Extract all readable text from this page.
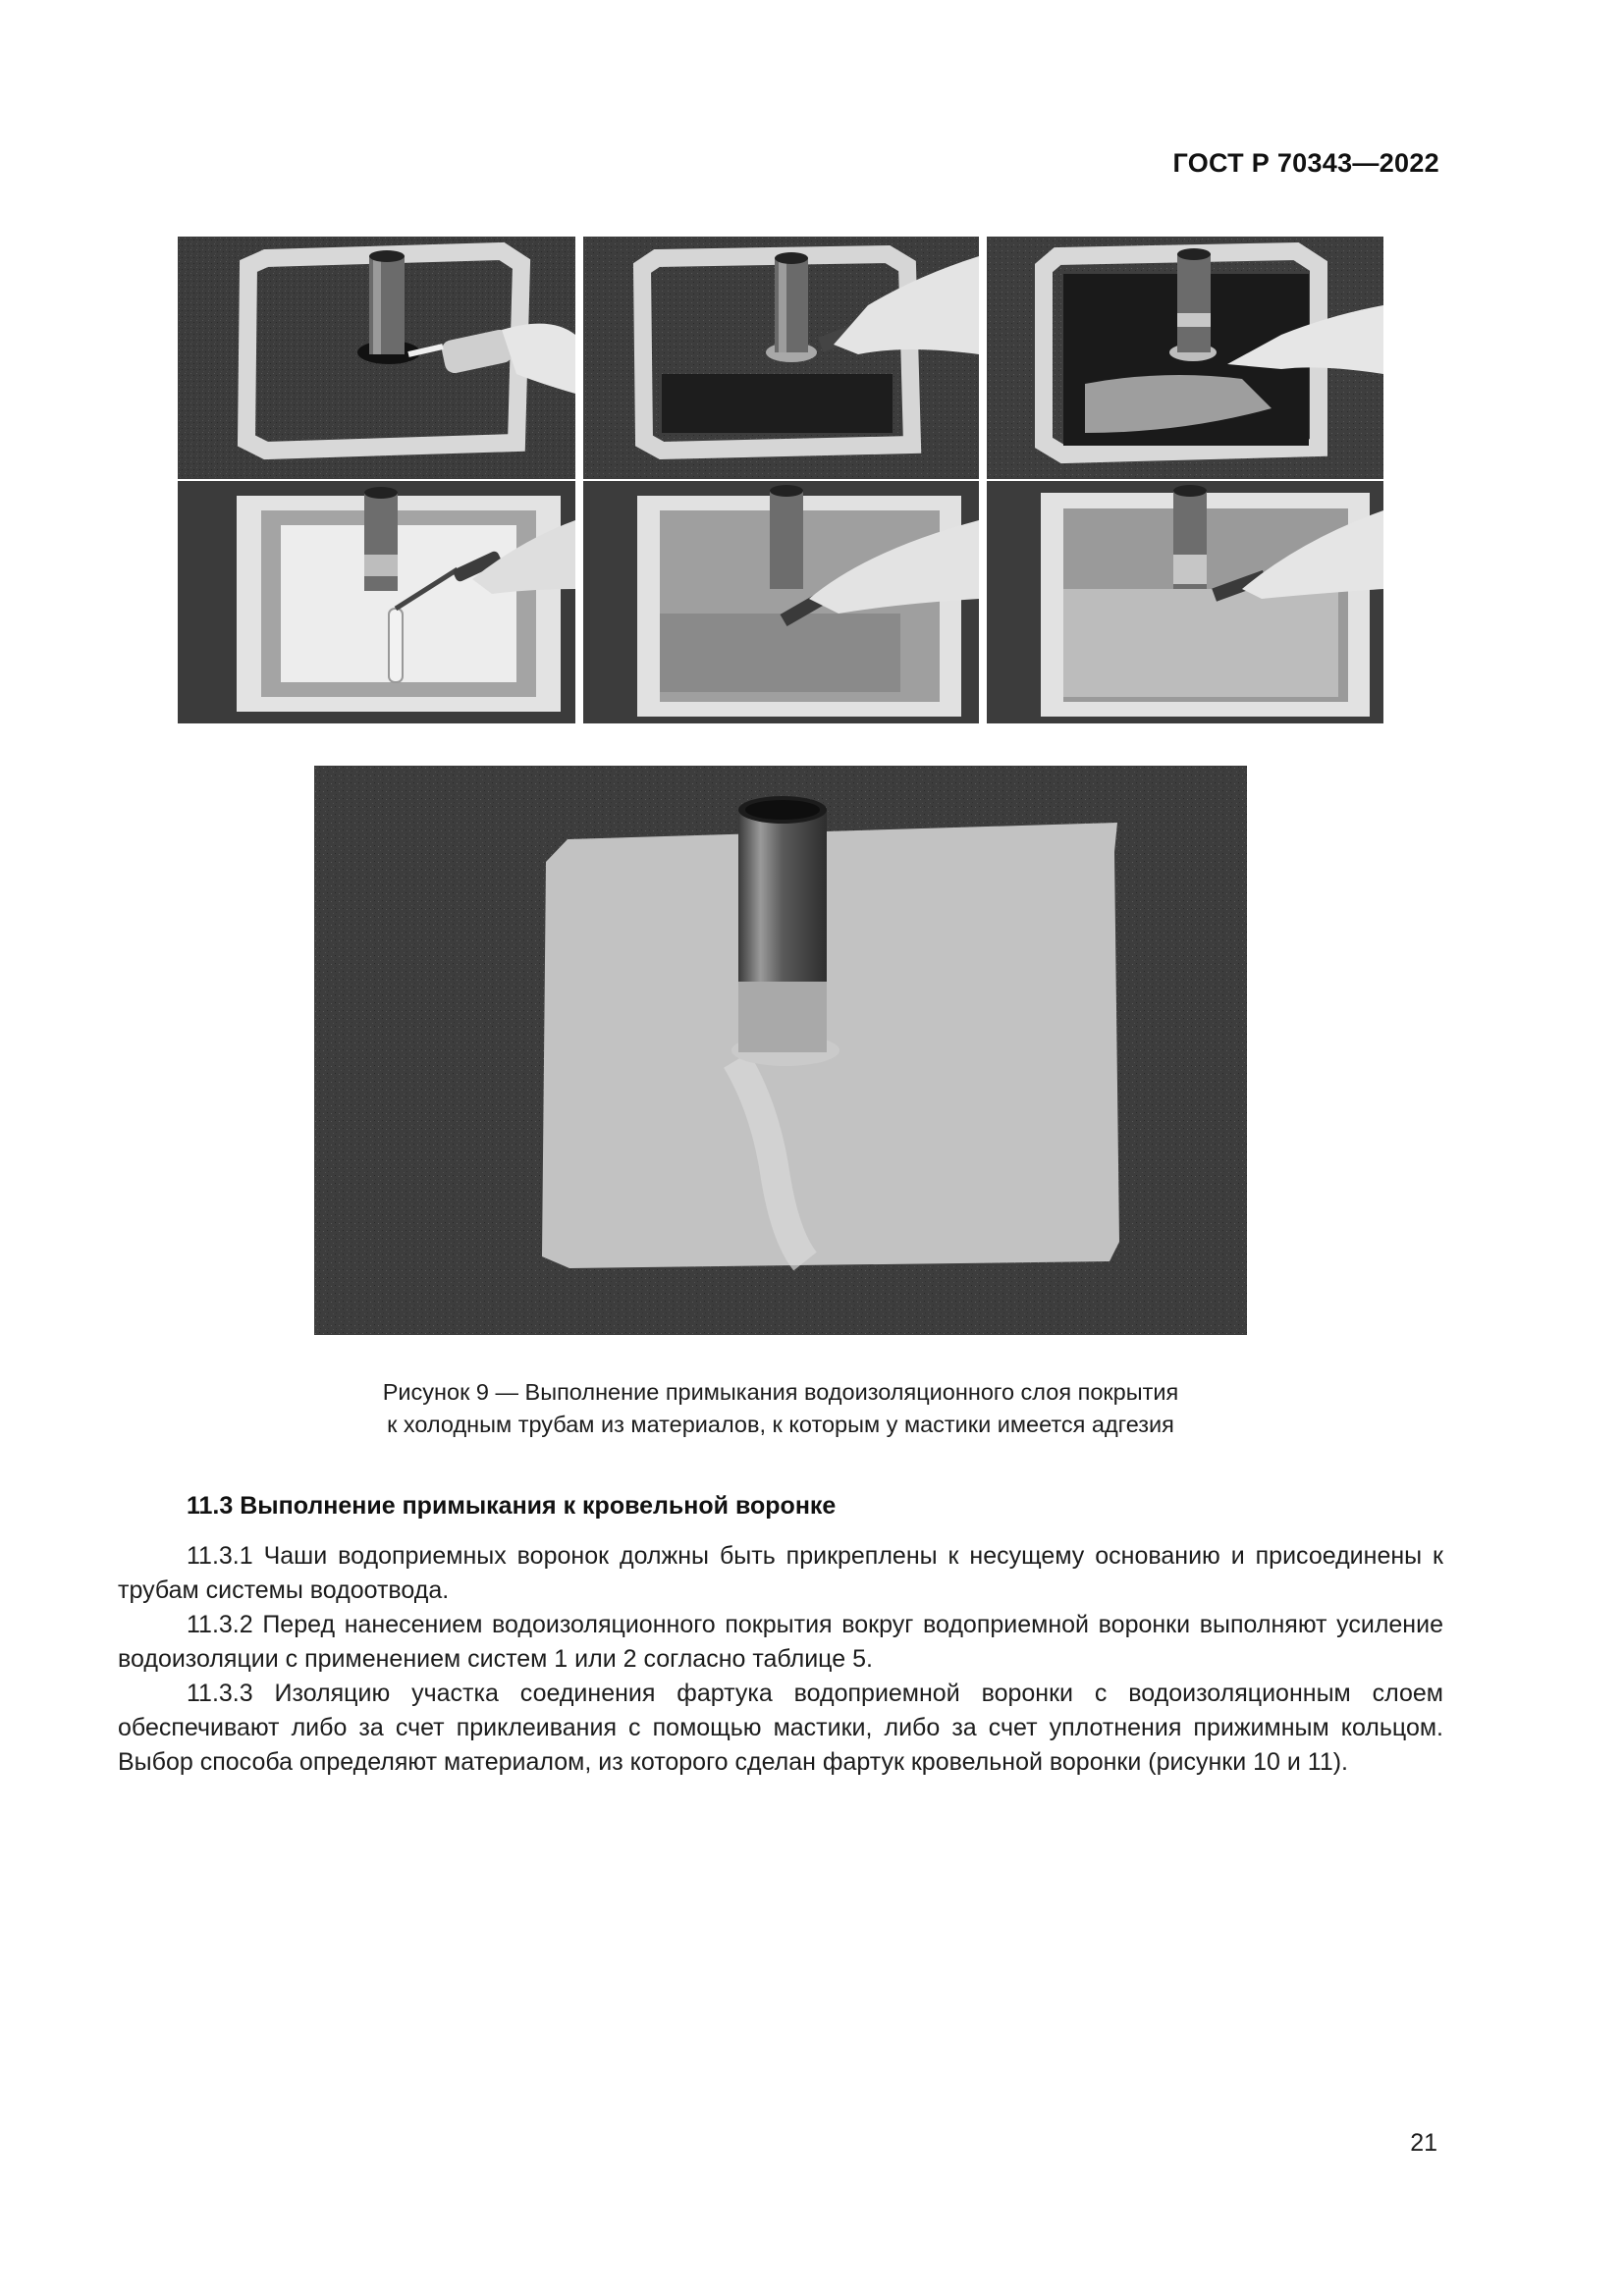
ГОСТ Р 70343—2022
Рисунок 9 — Выполнение примыкания водоизоляционного слоя покрытия
к холодным трубам из материалов, к которым у мастики имеется адгезия
11.3 Выполнение примыкания к кровельной воронке

11.3.1 Чаши водоприемных воронок должны быть прикреплены к несущему основанию и присоединены к трубам системы водоотвода.

11.3.2 Перед нанесением водоизоляционного покрытия вокруг водоприемной воронки выполняют усиление водоизоляции с применением систем 1 или 2 согласно таблице 5.

11.3.3 Изоляцию участка соединения фартука водоприемной воронки с водоизоляционным слоем обеспечивают либо за счет приклеивания с помощью мастики, либо за счет уплотнения прижимным кольцом. Выбор способа определяют материалом, из которого сделан фартук кровельной воронки (рисунки 10 и 11).

21
